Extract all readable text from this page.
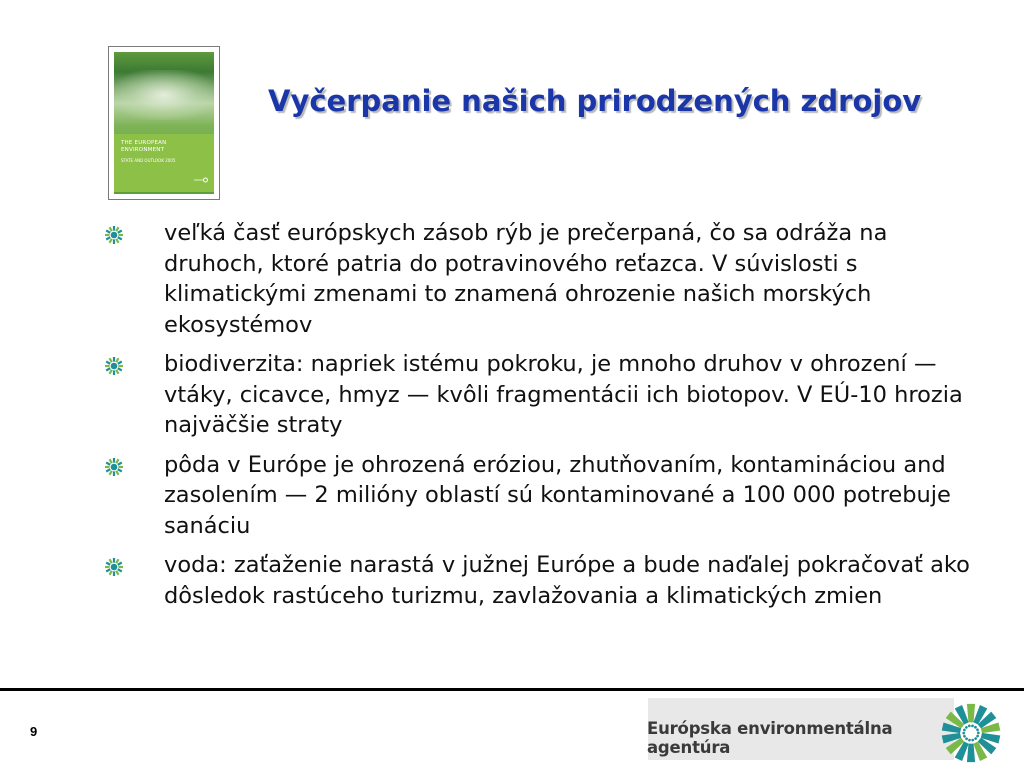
THE EUROPEAN ENVIRONMENT
STATE AND OUTLOOK 2005
Vyčerpanie našich prirodzených zdrojov
veľká časť európskych zásob rýb je prečerpaná, čo sa odráža na druhoch, ktoré patria do potravinového reťazca. V súvislosti s klimatickými zmenami to znamená ohrozenie našich morských ekosystémov
biodiverzita: napriek istému pokroku, je mnoho druhov v ohrození — vtáky, cicavce, hmyz — kvôli fragmentácii ich biotopov. V EÚ-10 hrozia najväčšie straty
pôda v Európe je ohrozená eróziou, zhutňovaním, kontamináciou and zasolením — 2 milióny oblastí sú kontaminované a 100 000 potrebuje sanáciu
voda: zaťaženie narastá v južnej Európe a bude naďalej pokračovať ako dôsledok rastúceho turizmu, zavlažovania a klimatických zmien
9	Európska environmentálna agentúra
